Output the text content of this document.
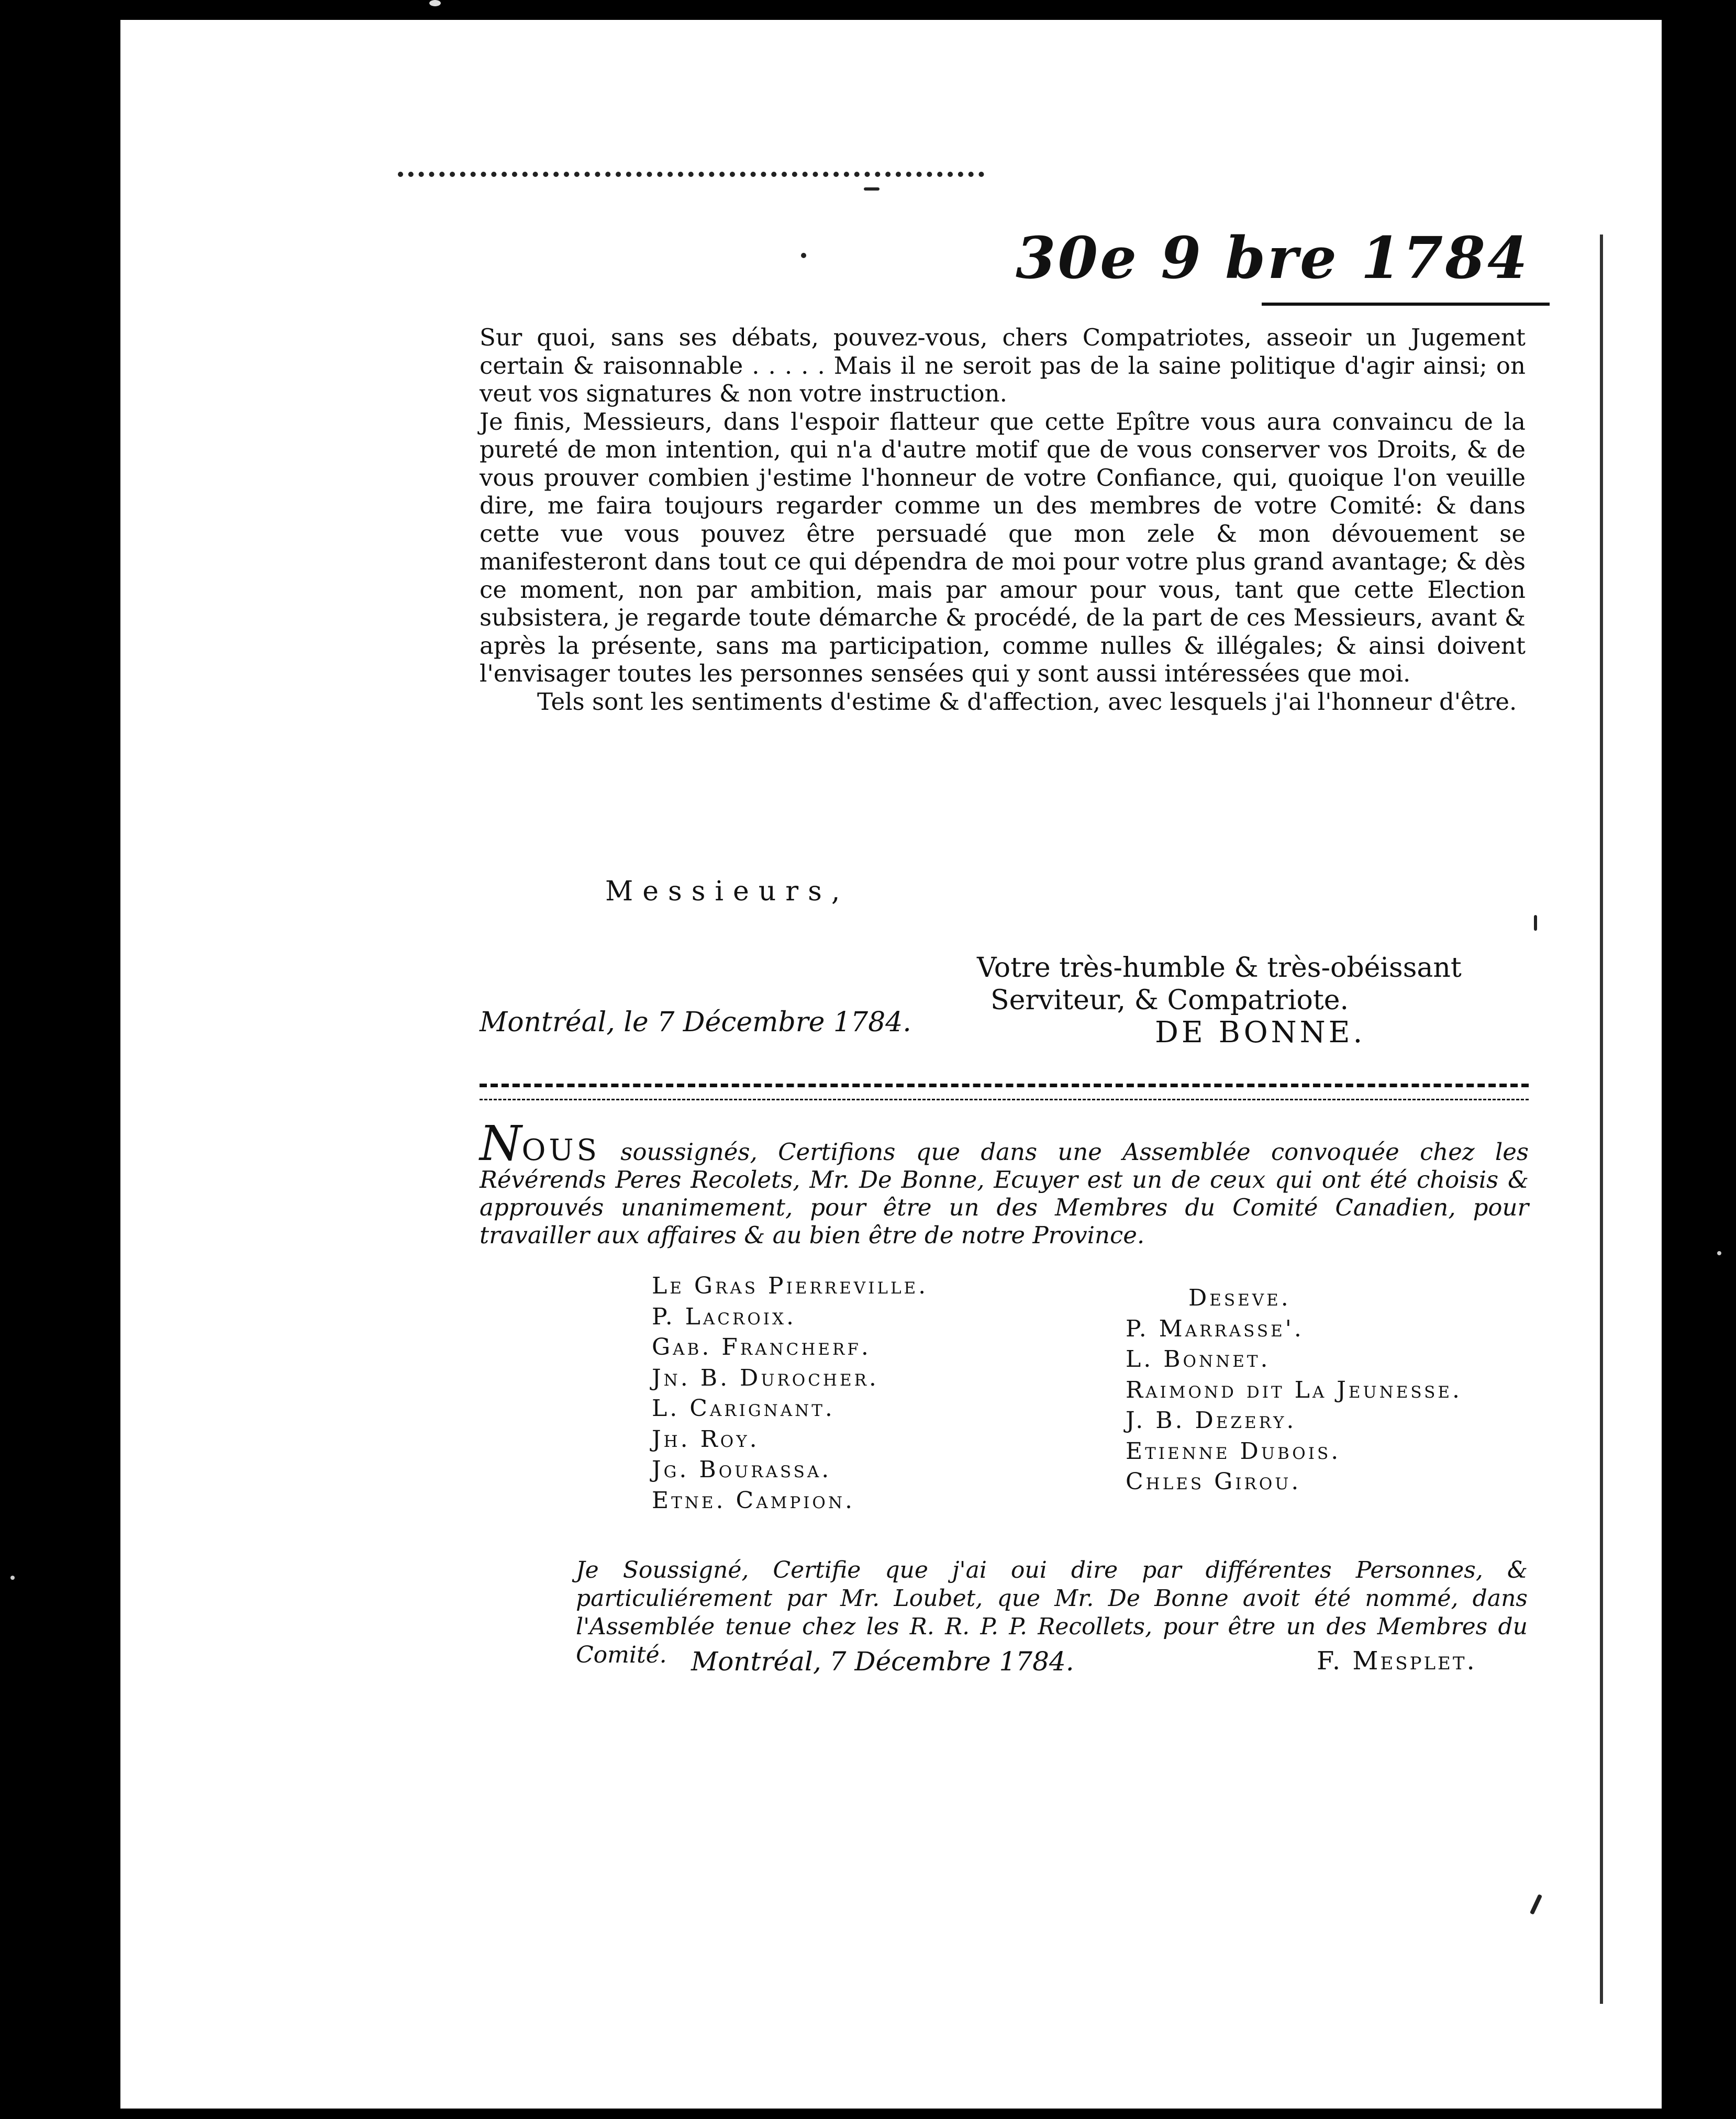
30e 9 bre 1784

Sur quoi, sans ses débats, pouvez-vous, chers Compatriotes, asseoir un Jugement certain & raisonnable . . . . . Mais il ne seroit pas de la saine politique d'agir ainsi; on veut vos signatures & non votre instruction.

Je finis, Messieurs, dans l'espoir flatteur que cette Epître vous aura convaincu de la pureté de mon intention, qui n'a d'autre motif que de vous conserver vos Droits, & de vous prouver combien j'estime l'honneur de votre Confiance, qui, quoique l'on veuille dire, me faira toujours regarder comme un des membres de votre Comité: & dans cette vue vous pouvez être persuadé que mon zele & mon dévouement se manifesteront dans tout ce qui dépendra de moi pour votre plus grand avantage; & dès ce moment, non par ambition, mais par amour pour vous, tant que cette Election subsistera, je regarde toute démarche & procédé, de la part de ces Messieurs, avant & après la présente, sans ma participation, comme nulles & illégales; & ainsi doivent l'envisager toutes les personnes sensées qui y sont aussi intéressées que moi.

Tels sont les sentiments d'estime & d'affection, avec lesquels j'ai l'honneur d'être.

Messieurs,
Votre très-humble & très-obéissant
Serviteur, & Compatriote.
DE BONNE.
Montréal, le 7 Décembre 1784.
NOUS soussignés, Certifions que dans une Assemblée convoquée chez les Révérends Peres Recolets, Mr. De Bonne, Ecuyer est un de ceux qui ont été choisis & approuvés unanimement, pour être un des Membres du Comité Canadien, pour travailler aux affaires & au bien être de notre Province.
Le Gras Pierreville.
P. Lacroix.
Gab. Francherf.
Jn. B. Durocher.
L. Carignant.
Jh. Roy.
Jg. Bourassa.
Etne. Campion.
Deseve.
P. Marrasse'.
L. Bonnet.
Raimond dit La Jeunesse.
J. B. Dezery.
Etienne Dubois.
Chles Girou.
Je Soussigné, Certifie que j'ai oui dire par différentes Personnes, & particuliérement par Mr. Loubet, que Mr. De Bonne avoit été nommé, dans l'Assemblée tenue chez les R. R. P. P. Recollets, pour être un des Membres du Comité. Montréal, 7 Décembre 1784.	F. Mesplet.
